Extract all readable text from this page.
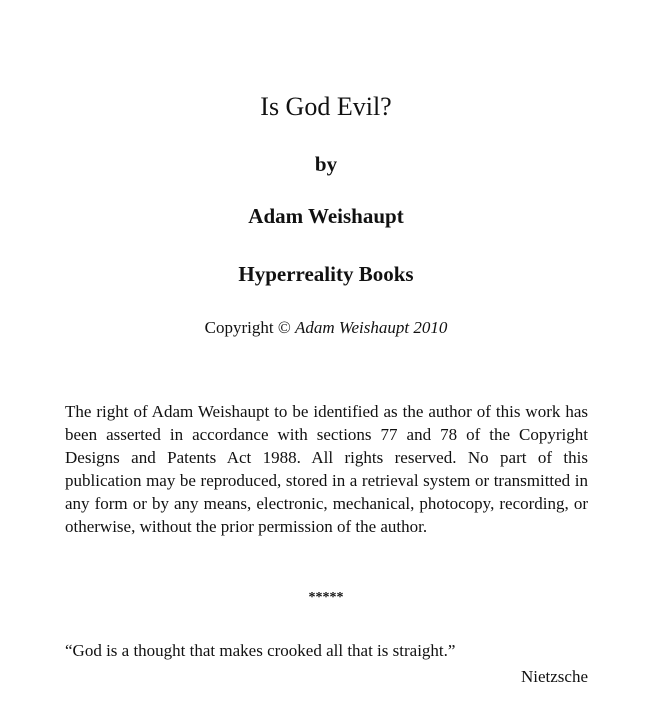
Is God Evil?
by
Adam Weishaupt
Hyperreality Books
Copyright © Adam Weishaupt 2010

The right of Adam Weishaupt to be identified as the author of this work has been asserted in accordance with sections 77 and 78 of the Copyright Designs and Patents Act 1988. All rights reserved. No part of this publication may be reproduced, stored in a retrieval system or transmitted in any form or by any means, electronic, mechanical, photocopy, recording, or otherwise, without the prior permission of the author.

*****
“God is a thought that makes crooked all that is straight.”
Nietzsche
